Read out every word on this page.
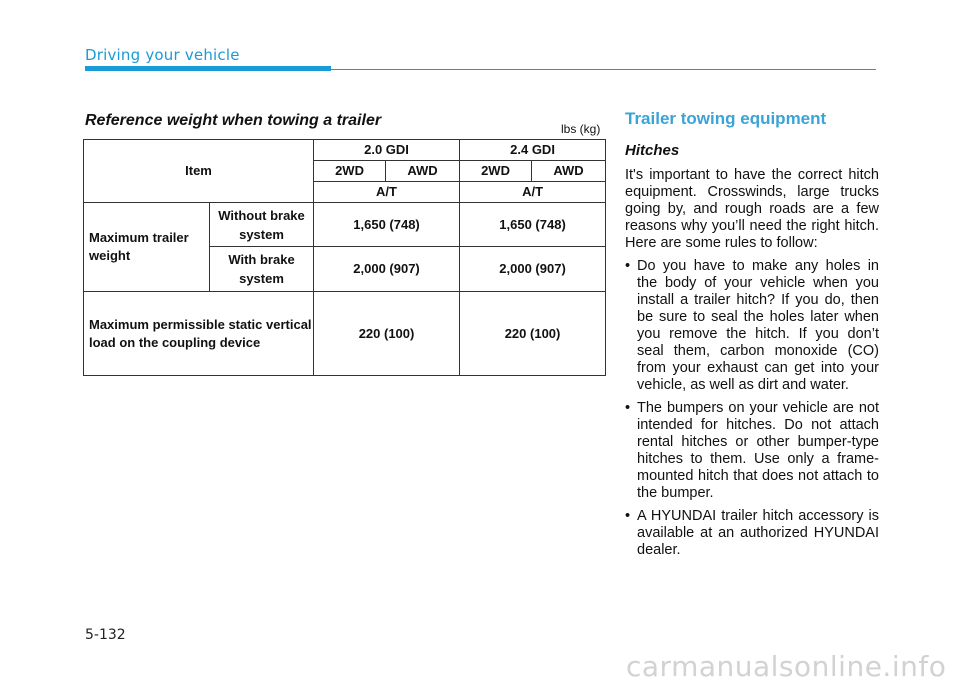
Driving your vehicle
Reference weight when towing a trailer	lbs (kg)
Item		2.0 GDI		2.4 GDI	
		2WD	AWD	2WD	AWD
		A/T		A/T	
Maximum trailer weight	Without brake system	1,650 (748)		1,650 (748)	
	With brake system	2,000 (907)		2,000 (907)	
Maximum permissible static vertical load on the coupling device		220 (100)		220 (100)	
Trailer towing equipment
Hitches
It's important to have the correct hitch equipment. Crosswinds, large trucks going by, and rough roads are a few reasons why you’ll need the right hitch. Here are some rules to follow:
• Do you have to make any holes in the body of your vehicle when you install a trailer hitch? If you do, then be sure to seal the holes later when you remove the hitch. If you don’t seal them, carbon monoxide (CO) from your exhaust can get into your vehicle, as well as dirt and water.
• The bumpers on your vehicle are not intended for hitches. Do not attach rental hitches or other bumper-type hitches to them. Use only a frame-mounted hitch that does not attach to the bumper.
• A HYUNDAI trailer hitch accessory is available at an authorized HYUNDAI dealer.
5-132
carmanualsonline.info
